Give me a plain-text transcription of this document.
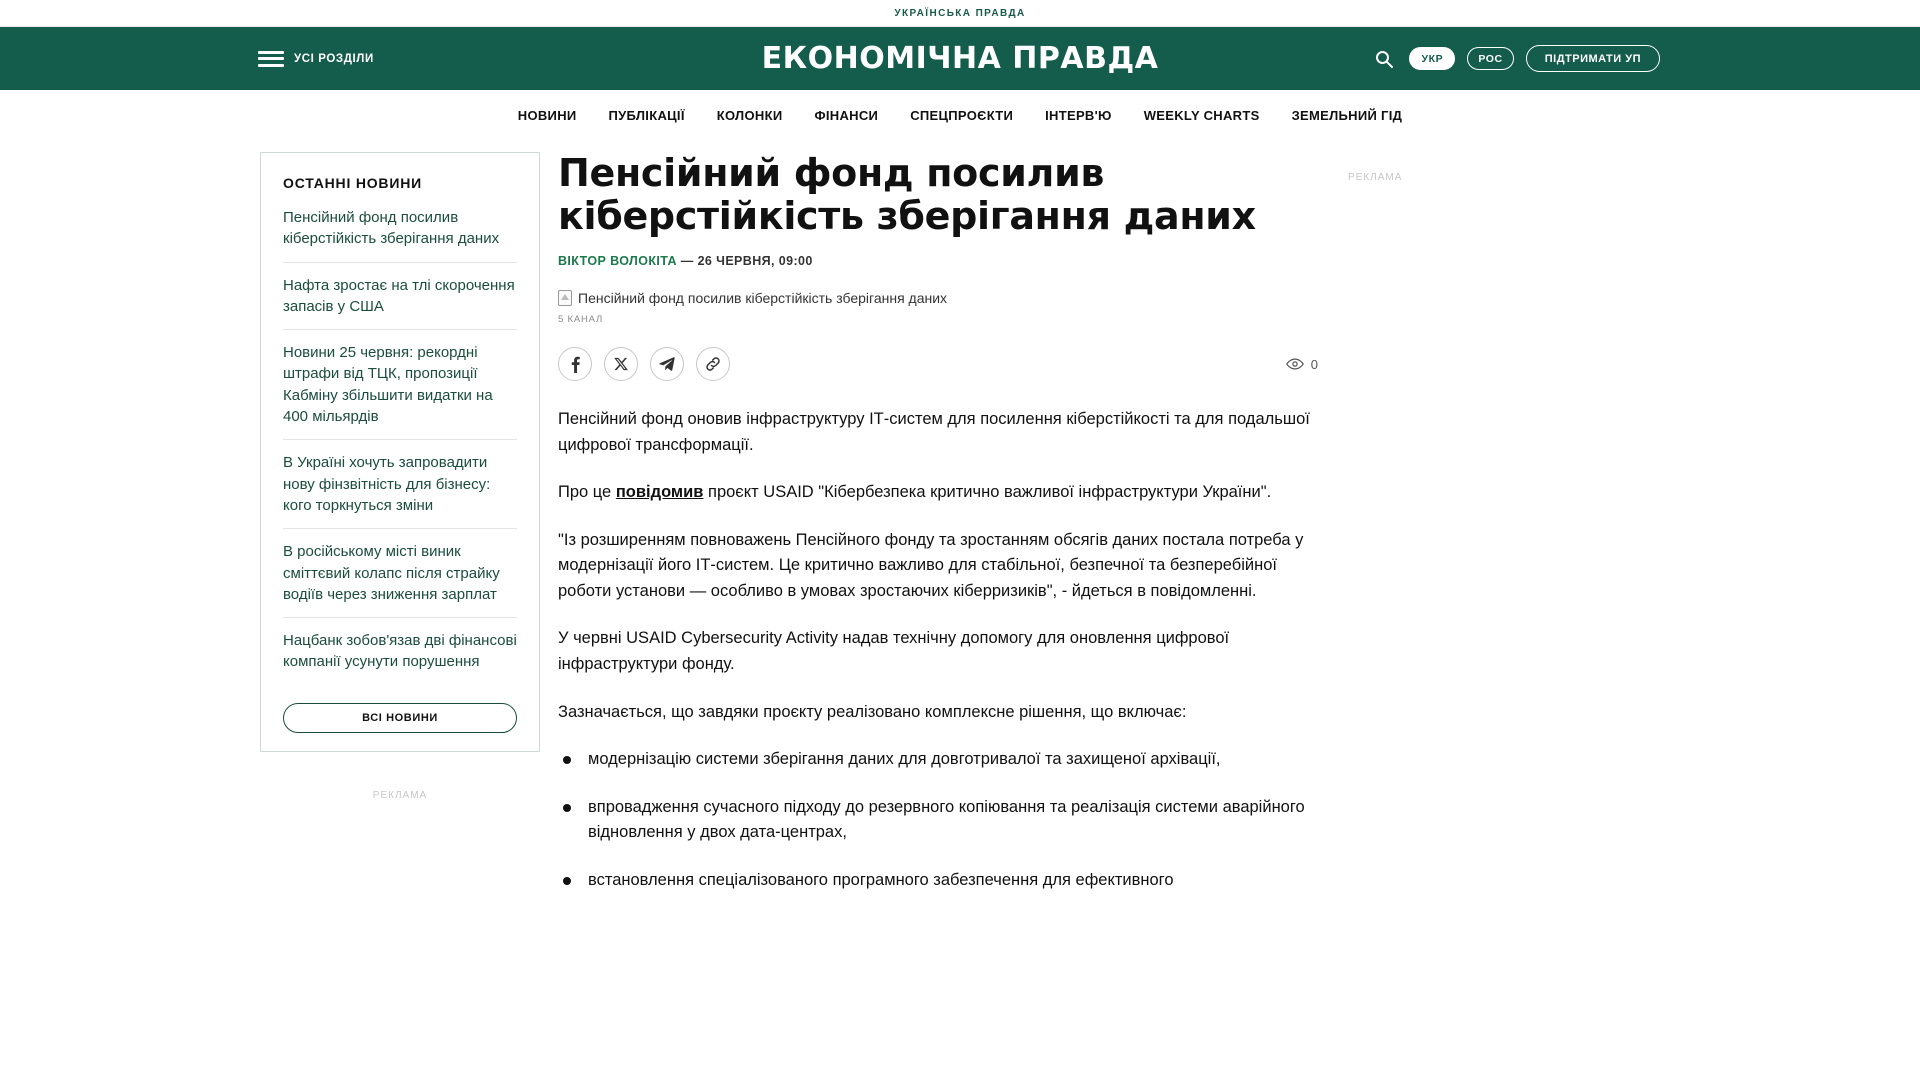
УКРАЇНСЬКА ПРАВДА
УСІ РОЗДІЛИ	ЕКОНОМІЧНА ПРАВДА	УКР	РОС	ПІДТРИМАТИ УП
НОВИНИ ПУБЛІКАЦІЇ КОЛОНКИ ФІНАНСИ СПЕЦПРОЄКТИ ІНТЕРВ'Ю WEEKLY CHARTS ЗЕМЕЛЬНИЙ ГІД
ОСТАННІ НОВИНИ
Пенсійний фонд посилив кіберстійкість зберігання даних
Нафта зростає на тлі скорочення запасів у США
Новини 25 червня: рекордні штрафи від ТЦК, пропозиції Кабміну збільшити видатки на 400 мільярдів
В Україні хочуть запровадити нову фінзвітність для бізнесу: кого торкнуться зміни
В російському місті виник сміттєвий колапс після страйку водіїв через зниження зарплат
Нацбанк зобов'язав дві фінансові компанії усунути порушення
ВСІ НОВИНИ
РЕКЛАМА
Пенсійний фонд посилив кіберстійкість зберігання даних
ВІКТОР ВОЛОКІТА — 26 ЧЕРВНЯ, 09:00
Пенсійний фонд посилив кіберстійкість зберігання даних
5 КАНАЛ
0

Пенсійний фонд оновив інфраструктуру ІТ-систем для посилення кіберстійкості та для подальшої цифрової трансформації.

Про це повідомив проєкт USAID "Кібербезпека критично важливої інфраструктури України".

"Із розширенням повноважень Пенсійного фонду та зростанням обсягів даних постала потреба у модернізації його ІТ-систем. Це критично важливо для стабільної, безпечної та безперебійної роботи установи — особливо в умовах зростаючих кіберризиків", - йдеться в повідомленні.

У червні USAID Cybersecurity Activity надав технічну допомогу для оновлення цифрової інфраструктури фонду.

Зазначається, що завдяки проєкту реалізовано комплексне рішення, що включає:

модернізацію системи зберігання даних для довготривалої та захищеної архівації,
впровадження сучасного підходу до резервного копіювання та реалізація системи аварійного відновлення у двох дата-центрах,
встановлення спеціалізованого програмного забезпечення для ефективного
РЕКЛАМА
